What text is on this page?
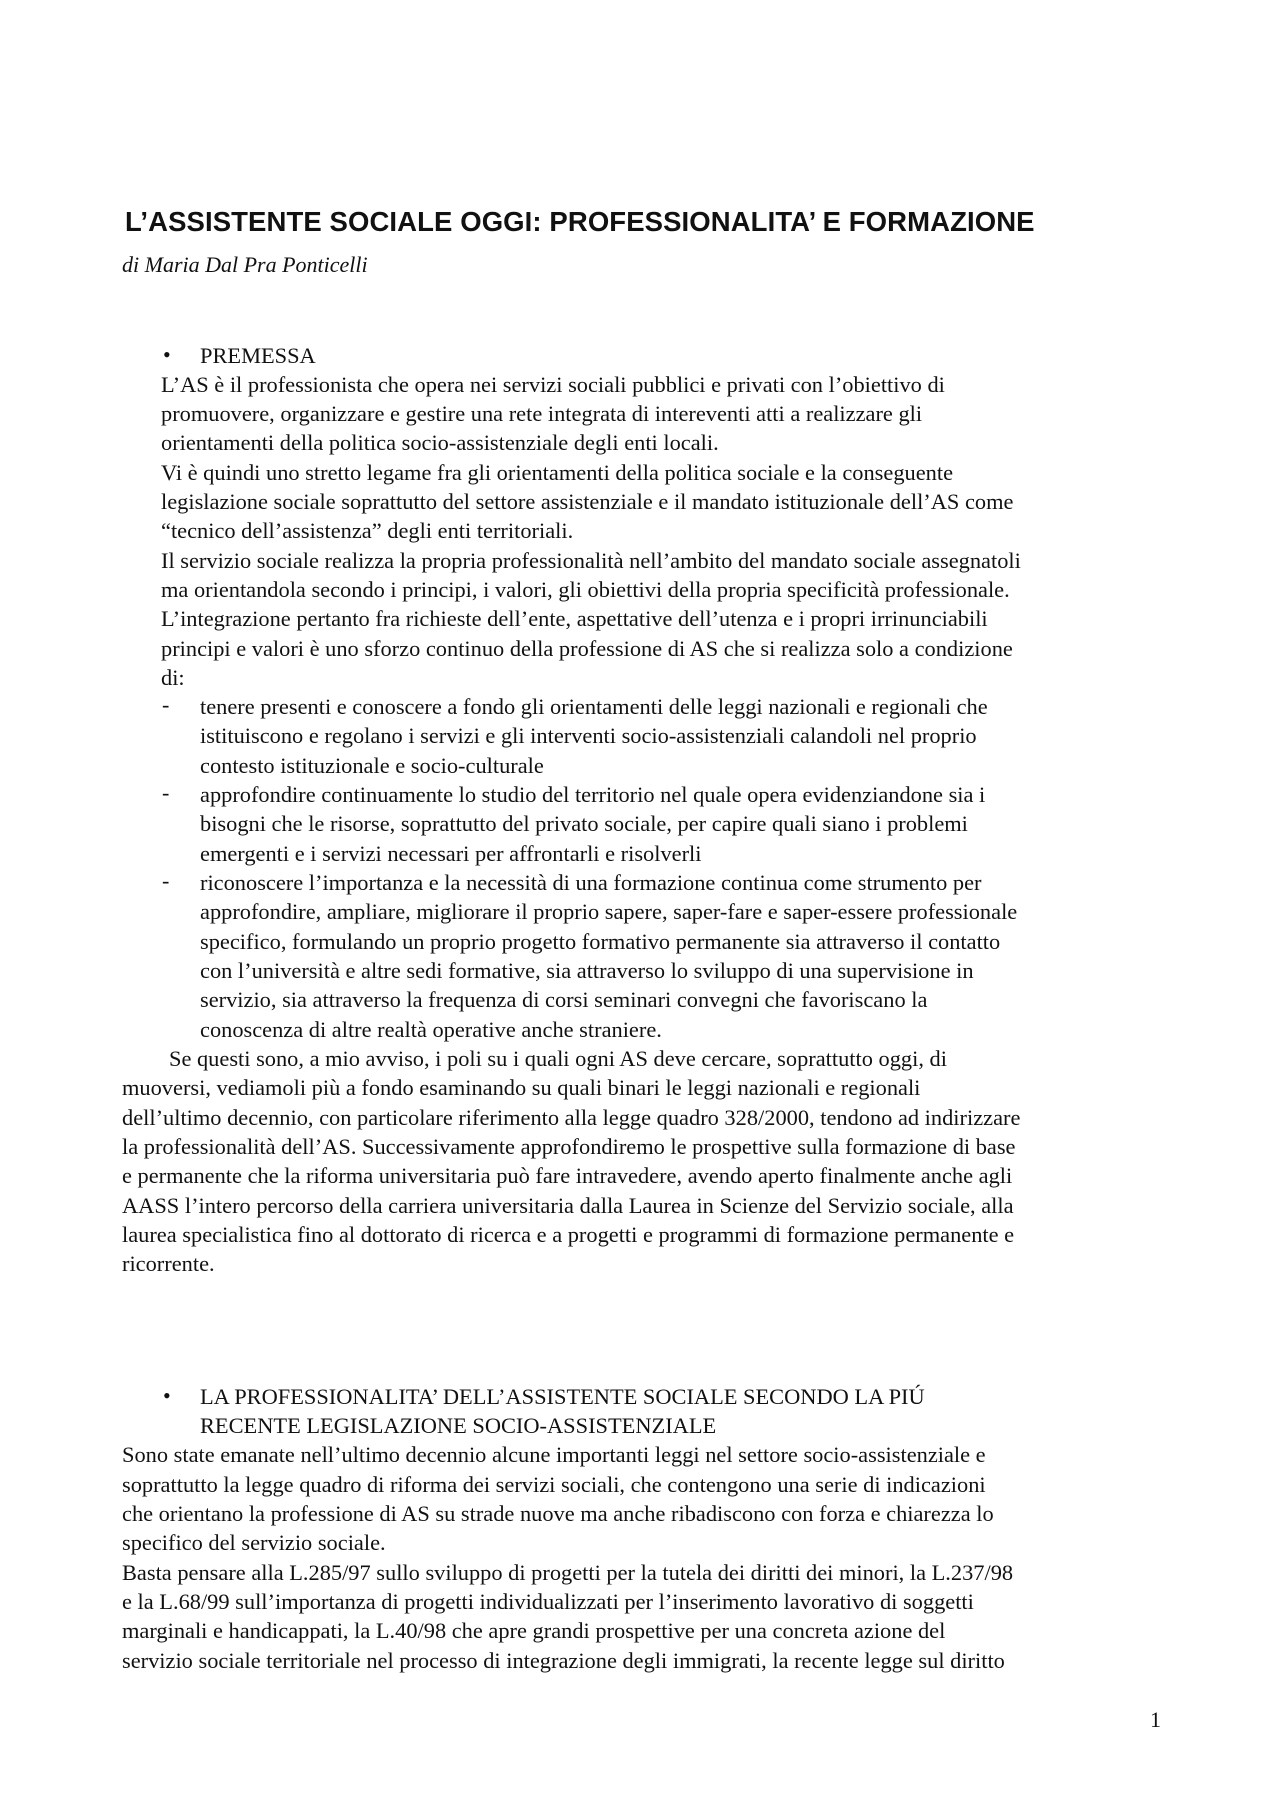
L’ASSISTENTE SOCIALE OGGI: PROFESSIONALITA’ E FORMAZIONE
di Maria Dal Pra Ponticelli
• PREMESSA
L’AS è il professionista che opera nei servizi sociali pubblici e privati con l’obiettivo di
promuovere, organizzare e gestire una rete integrata di intereventi atti a realizzare gli
orientamenti della politica socio-assistenziale degli enti locali.
Vi è quindi uno stretto legame fra gli orientamenti della politica sociale e la conseguente
legislazione sociale soprattutto del settore assistenziale e il mandato istituzionale dell’AS come
“tecnico dell’assistenza” degli enti territoriali.
Il servizio sociale realizza la propria professionalità nell’ambito del mandato sociale assegnatoli
ma orientandola secondo i principi, i valori, gli obiettivi della propria specificità professionale.
L’integrazione pertanto fra richieste dell’ente, aspettative dell’utenza e i propri irrinunciabili
principi e valori è uno sforzo continuo della professione di AS che si realizza solo a condizione
di:
- tenere presenti e conoscere a fondo gli orientamenti delle leggi nazionali e regionali che
istituiscono e regolano i servizi e gli interventi socio-assistenziali calandoli nel proprio
contesto istituzionale e socio-culturale
- approfondire continuamente lo studio del territorio nel quale opera evidenziandone sia i
bisogni che le risorse, soprattutto del privato sociale, per capire quali siano i problemi
emergenti e i servizi necessari per affrontarli e risolverli
- riconoscere l’importanza e la necessità di una formazione continua come strumento per
approfondire, ampliare, migliorare il proprio sapere, saper-fare e saper-essere professionale
specifico, formulando un proprio progetto formativo permanente sia attraverso il contatto
con l’università e altre sedi formative, sia attraverso lo sviluppo di una supervisione in
servizio, sia attraverso la frequenza di corsi seminari convegni che favoriscano la
conoscenza di altre realtà operative anche straniere.
Se questi sono, a mio avviso, i poli su i quali ogni AS deve cercare, soprattutto oggi, di
muoversi, vediamoli più a fondo esaminando su quali binari le leggi nazionali e regionali
dell’ultimo decennio, con particolare riferimento alla legge quadro 328/2000, tendono ad indirizzare
la professionalità dell’AS. Successivamente approfondiremo le prospettive sulla formazione di base
e permanente che la riforma universitaria può fare intravedere, avendo aperto finalmente anche agli
AASS l’intero percorso della carriera universitaria dalla Laurea in Scienze del Servizio sociale, alla
laurea specialistica fino al dottorato di ricerca e a progetti e programmi di formazione permanente e
ricorrente.
• LA PROFESSIONALITA’ DELL’ASSISTENTE SOCIALE SECONDO LA PIÚ
RECENTE LEGISLAZIONE SOCIO-ASSISTENZIALE
Sono state emanate nell’ultimo decennio alcune importanti leggi nel settore socio-assistenziale e
soprattutto la legge quadro di riforma dei servizi sociali, che contengono una serie di indicazioni
che orientano la professione di AS su strade nuove ma anche ribadiscono con forza e chiarezza lo
specifico del servizio sociale.
Basta pensare alla L.285/97 sullo sviluppo di progetti per la tutela dei diritti dei minori, la L.237/98
e la L.68/99 sull’importanza di progetti individualizzati per l’inserimento lavorativo di soggetti
marginali e handicappati, la L.40/98 che apre grandi prospettive per una concreta azione del
servizio sociale territoriale nel processo di integrazione degli immigrati, la recente legge sul diritto
1
